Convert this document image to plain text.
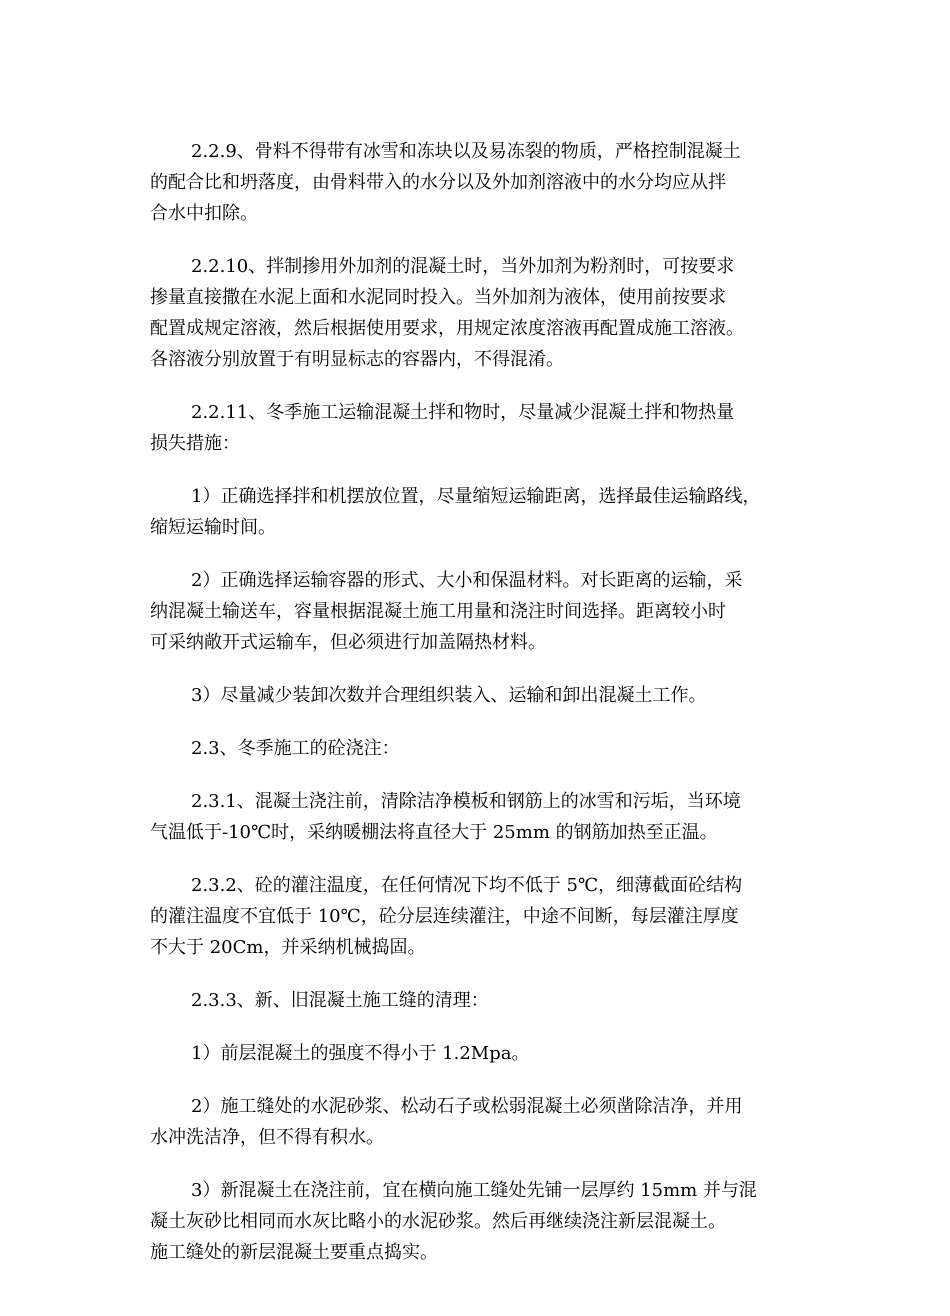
2.2.9、骨料不得带有冰雪和冻块以及易冻裂的物质，严格控制混凝土
的配合比和坍落度，由骨料带入的水分以及外加剂溶液中的水分均应从拌
合水中扣除。
2.2.10、拌制掺用外加剂的混凝土时，当外加剂为粉剂时，可按要求
掺量直接撒在水泥上面和水泥同时投入。当外加剂为液体，使用前按要求
配置成规定溶液，然后根据使用要求，用规定浓度溶液再配置成施工溶液。
各溶液分别放置于有明显标志的容器内，不得混淆。
2.2.11、冬季施工运输混凝土拌和物时，尽量减少混凝土拌和物热量
损失措施：
1）正确选择拌和机摆放位置，尽量缩短运输距离，选择最佳运输路线，
缩短运输时间。
2）正确选择运输容器的形式、大小和保温材料。对长距离的运输，采
纳混凝土输送车，容量根据混凝土施工用量和浇注时间选择。距离较小时
可采纳敞开式运输车，但必须进行加盖隔热材料。
3）尽量减少装卸次数并合理组织装入、运输和卸出混凝土工作。
2.3、冬季施工的砼浇注：
2.3.1、混凝土浇注前，清除洁净模板和钢筋上的冰雪和污垢，当环境
气温低于-10℃时，采纳暖棚法将直径大于 25mm 的钢筋加热至正温。
2.3.2、砼的灌注温度，在任何情况下均不低于 5℃，细薄截面砼结构
的灌注温度不宜低于 10℃，砼分层连续灌注，中途不间断，每层灌注厚度
不大于 20Cm，并采纳机械捣固。
2.3.3、新、旧混凝土施工缝的清理：
1）前层混凝土的强度不得小于 1.2Mpa。
2）施工缝处的水泥砂浆、松动石子或松弱混凝土必须凿除洁净，并用
水冲洗洁净，但不得有积水。
3）新混凝土在浇注前，宜在横向施工缝处先铺一层厚约 15mm 并与混
凝土灰砂比相同而水灰比略小的水泥砂浆。然后再继续浇注新层混凝土。
施工缝处的新层混凝土要重点捣实。
